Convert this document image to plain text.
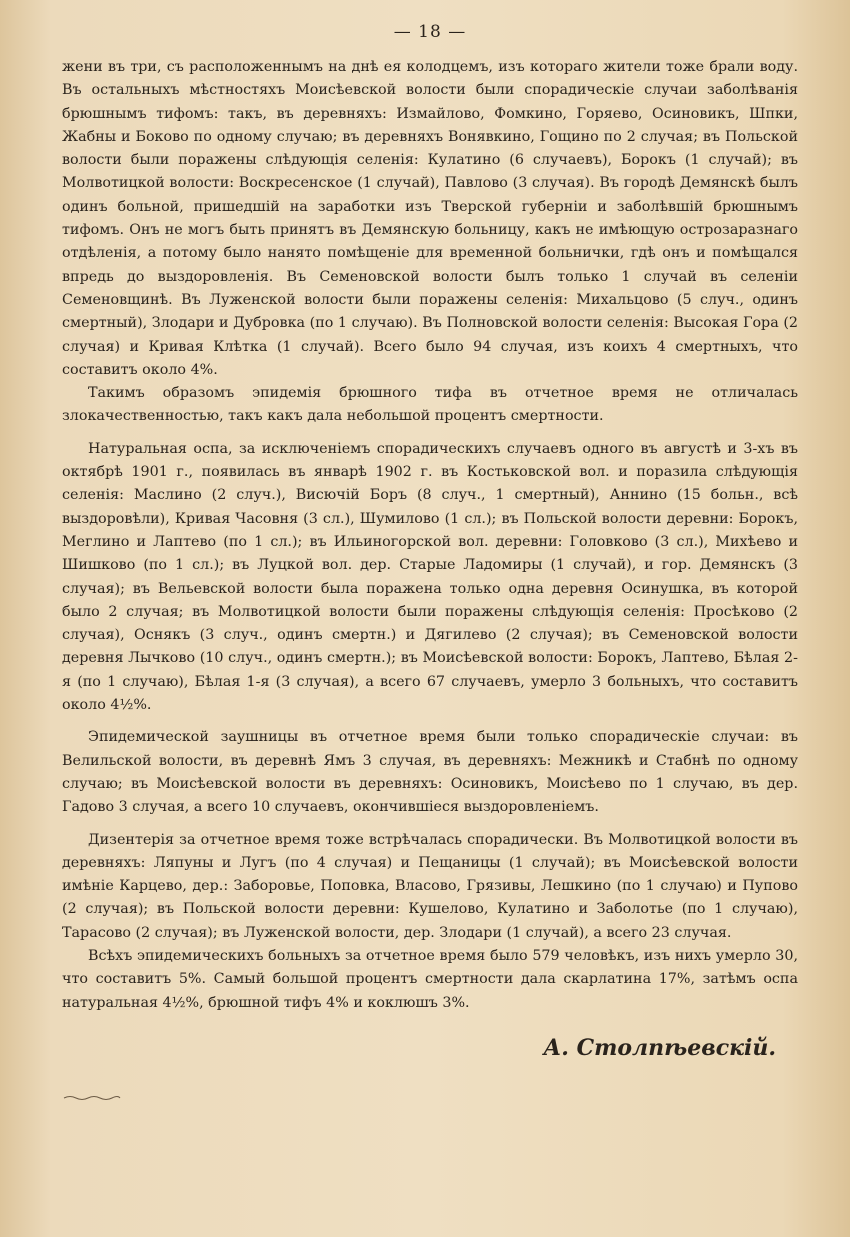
— 18 —

жени въ три, съ расположеннымъ на днѣ ея колодцемъ, изъ котораго жители тоже брали воду. Въ остальныхъ мѣстностяхъ Моисѣевской волости были спорадическіе случаи заболѣванія брюшнымъ тифомъ: такъ, въ деревняхъ: Измайлово, Фомкино, Горяево, Осиновикъ, Шпки, Жабны и Боково по одному случаю; въ деревняхъ Вонявкино, Гощино по 2 случая; въ Польской волости были поражены слѣдующія селенія: Кулатино (6 случаевъ), Борокъ (1 случай); въ Молвотицкой волости: Воскресенское (1 случай), Павлово (3 случая). Въ городѣ Демянскѣ былъ одинъ больной, пришедшій на заработки изъ Тверской губерніи и заболѣвшій брюшнымъ тифомъ. Онъ не могъ быть принятъ въ Демянскую больницу, какъ не имѣющую острозаразнаго отдѣленія, а потому было нанято помѣщеніе для временной больнички, гдѣ онъ и помѣщался впредь до выздоровленія. Въ Семеновской волости былъ только 1 случай въ селеніи Семеновщинѣ. Въ Луженской волости были поражены селенія: Михальцово (5 случ., одинъ смертный), Злодари и Дубровка (по 1 случаю). Въ Полновской волости селенія: Высокая Гора (2 случая) и Кривая Клѣтка (1 случай). Всего было 94 случая, изъ коихъ 4 смертныхъ, что составитъ около 4%.

Такимъ образомъ эпидемія брюшного тифа въ отчетное время не отличалась злокачественностью, такъ какъ дала небольшой процентъ смертности.

Натуральная оспа, за исключеніемъ спорадическихъ случаевъ одного въ августѣ и 3-хъ въ октябрѣ 1901 г., появилась въ январѣ 1902 г. въ Костьковской вол. и поразила слѣдующія селенія: Маслино (2 случ.), Висючій Боръ (8 случ., 1 смертный), Аннино (15 больн., всѣ выздоровѣли), Кривая Часовня (3 сл.), Шумилово (1 сл.); въ Польской волости деревни: Борокъ, Меглино и Лаптево (по 1 сл.); въ Ильиногорской вол. деревни: Головково (3 сл.), Михѣево и Шишково (по 1 сл.); въ Луцкой вол. дер. Старые Ладомиры (1 случай), и гор. Демянскъ (3 случая); въ Вельевской волости была поражена только одна деревня Осинушка, въ которой было 2 случая; въ Молвотицкой волости были поражены слѣдующія селенія: Просѣково (2 случая), Оснякъ (3 случ., одинъ смертн.) и Дягилево (2 случая); въ Семеновской волости деревня Лычково (10 случ., одинъ смертн.); въ Моисѣевской волости: Борокъ, Лаптево, Бѣлая 2-я (по 1 случаю), Бѣлая 1-я (3 случая), а всего 67 случаевъ, умерло 3 больныхъ, что составитъ около 4½%.

Эпидемической заушницы въ отчетное время были только спорадическіе случаи: въ Велильской волости, въ деревнѣ Ямъ 3 случая, въ деревняхъ: Межникѣ и Стабнѣ по одному случаю; въ Моисѣевской волости въ деревняхъ: Осиновикъ, Моисѣево по 1 случаю, въ дер. Гадово 3 случая, а всего 10 случаевъ, окончившіеся выздоровленіемъ.

Дизентерія за отчетное время тоже встрѣчалась спорадически. Въ Молвотицкой волости въ деревняхъ: Ляпуны и Лугъ (по 4 случая) и Пещаницы (1 случай); въ Моисѣевской волости имѣніе Карцево, дер.: Заборовье, Поповка, Власово, Грязивы, Лешкино (по 1 случаю) и Пупово (2 случая); въ Польской волости деревни: Кушелово, Кулатино и Заболотье (по 1 случаю), Тарасово (2 случая); въ Луженской волости, дер. Злодари (1 случай), а всего 23 случая.

Всѣхъ эпидемическихъ больныхъ за отчетное время было 579 человѣкъ, изъ нихъ умерло 30, что составитъ 5%. Самый большой процентъ смертности дала скарлатина 17%, затѣмъ оспа натуральная 4½%, брюшной тифъ 4% и коклюшъ 3%.

А. Столпѣевскій.
